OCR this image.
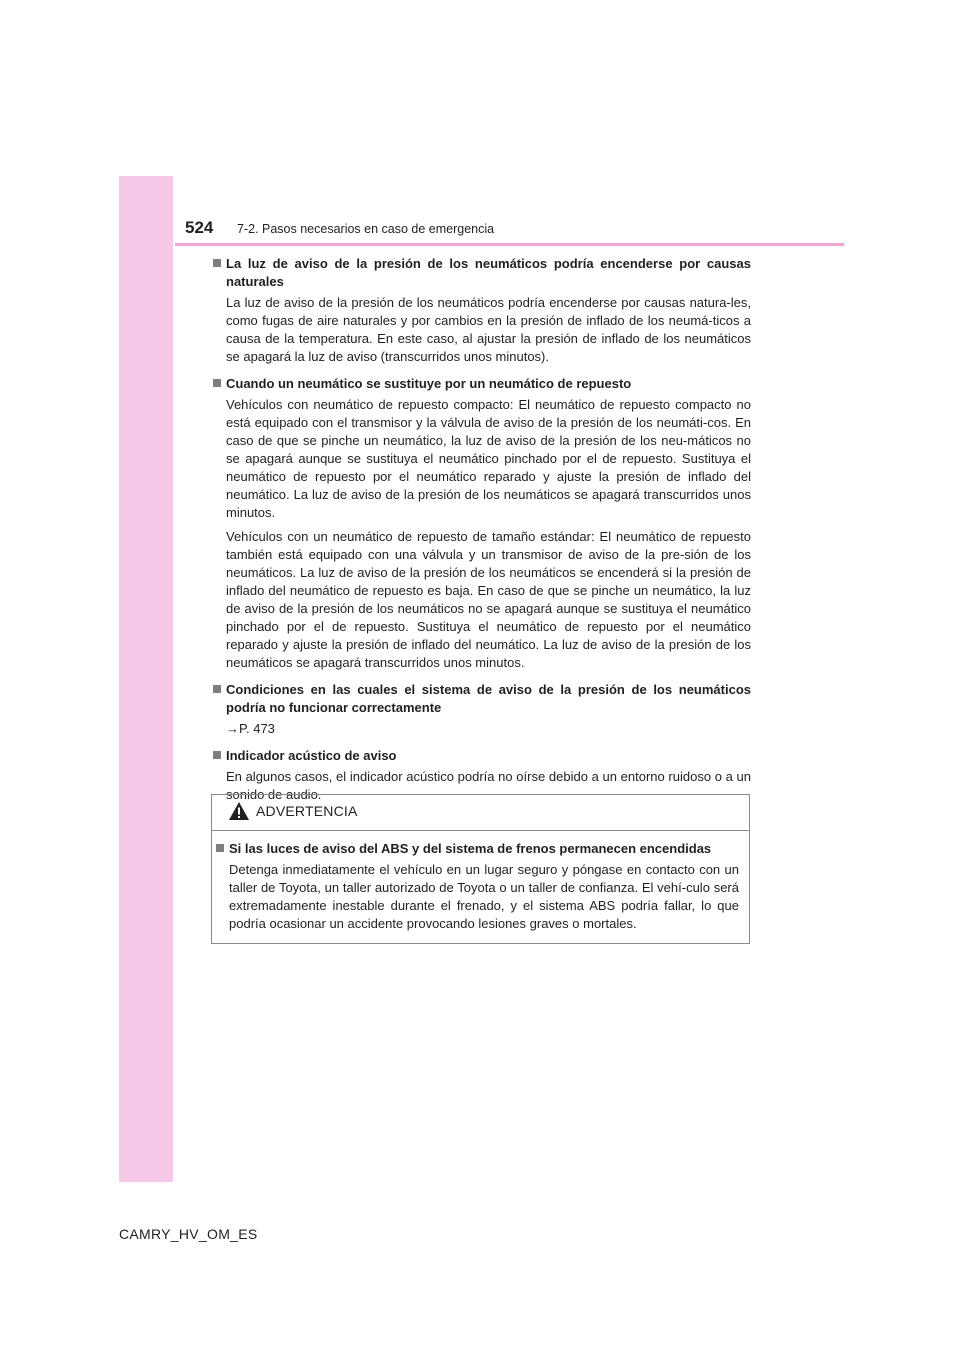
524 7-2. Pasos necesarios en caso de emergencia
La luz de aviso de la presión de los neumáticos podría encenderse por causas naturales
La luz de aviso de la presión de los neumáticos podría encenderse por causas natura-les, como fugas de aire naturales y por cambios en la presión de inflado de los neumá-ticos a causa de la temperatura. En este caso, al ajustar la presión de inflado de los neumáticos se apagará la luz de aviso (transcurridos unos minutos).
Cuando un neumático se sustituye por un neumático de repuesto
Vehículos con neumático de repuesto compacto: El neumático de repuesto compacto no está equipado con el transmisor y la válvula de aviso de la presión de los neumáti-cos. En caso de que se pinche un neumático, la luz de aviso de la presión de los neu-máticos no se apagará aunque se sustituya el neumático pinchado por el de repuesto. Sustituya el neumático de repuesto por el neumático reparado y ajuste la presión de inflado del neumático. La luz de aviso de la presión de los neumáticos se apagará transcurridos unos minutos.
Vehículos con un neumático de repuesto de tamaño estándar: El neumático de repuesto también está equipado con una válvula y un transmisor de aviso de la pre-sión de los neumáticos. La luz de aviso de la presión de los neumáticos se encenderá si la presión de inflado del neumático de repuesto es baja. En caso de que se pinche un neumático, la luz de aviso de la presión de los neumáticos no se apagará aunque se sustituya el neumático pinchado por el de repuesto. Sustituya el neumático de repuesto por el neumático reparado y ajuste la presión de inflado del neumático. La luz de aviso de la presión de los neumáticos se apagará transcurridos unos minutos.
Condiciones en las cuales el sistema de aviso de la presión de los neumáticos podría no funcionar correctamente
→P. 473
Indicador acústico de aviso
En algunos casos, el indicador acústico podría no oírse debido a un entorno ruidoso o a un sonido de audio.
ADVERTENCIA
Si las luces de aviso del ABS y del sistema de frenos permanecen encendidas
Detenga inmediatamente el vehículo en un lugar seguro y póngase en contacto con un taller de Toyota, un taller autorizado de Toyota o un taller de confianza. El vehí-culo será extremadamente inestable durante el frenado, y el sistema ABS podría fallar, lo que podría ocasionar un accidente provocando lesiones graves o mortales.
CAMRY_HV_OM_ES
